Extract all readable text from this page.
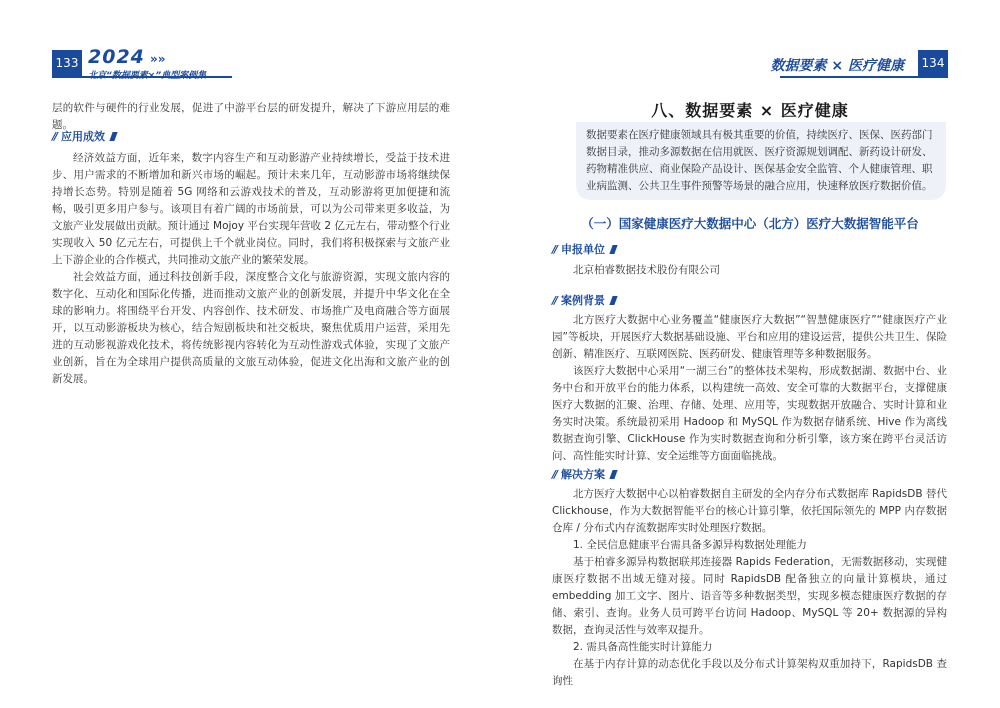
133 2024 »»
层的软件与硬件的行业发展，促进了中游平台层的研发提升，解决了下游应用层的难题。
// 应用成效

经济效益方面，近年来，数字内容生产和互动影游产业持续增长，受益于技术进步、用户需求的不断增加和新兴市场的崛起。预计未来几年，互动影游市场将继续保持增长态势。特别是随着 5G 网络和云游戏技术的普及，互动影游将更加便捷和流畅，吸引更多用户参与。该项目有着广阔的市场前景，可以为公司带来更多收益，为文旅产业发展做出贡献。预计通过 Mojoy 平台实现年营收 2 亿元左右，带动整个行业实现收入 50 亿元左右，可提供上千个就业岗位。同时，我们将积极探索与文旅产业上下游企业的合作模式，共同推动文旅产业的繁荣发展。

社会效益方面，通过科技创新手段，深度整合文化与旅游资源，实现文旅内容的数字化、互动化和国际化传播，进而推动文旅产业的创新发展，并提升中华文化在全球的影响力。将围绕平台开发、内容创作、技术研发、市场推广及电商融合等方面展开，以互动影游板块为核心，结合短剧板块和社交板块，聚焦优质用户运营，采用先进的互动影视游戏化技术，将传统影视内容转化为互动性游戏式体验，实现了文旅产业创新，旨在为全球用户提供高质量的文旅互动体验，促进文化出海和文旅产业的创新发展。

数据要素 × 医疗健康 134
八、数据要素 × 医疗健康
数据要素在医疗健康领域具有极其重要的价值，持续医疗、医保、医药部门数据目录，推动多源数据在信用就医、医疗资源规划调配、新药设计研发、药物精准供应、商业保险产品设计、医保基金安全监管、个人健康管理、职业病监测、公共卫生事件预警等场景的融合应用，快速释放医疗数据价值。
（一）国家健康医疗大数据中心（北方）医疗大数据智能平台
// 申报单位
北京柏睿数据技术股份有限公司
// 案例背景

北方医疗大数据中心业务覆盖“健康医疗大数据”“智慧健康医疗”“健康医疗产业园”等板块，开展医疗大数据基础设施、平台和应用的建设运营，提供公共卫生、保险创新、精准医疗、互联网医院、医药研发、健康管理等多种数据服务。

该医疗大数据中心采用“一湖三台”的整体技术架构，形成数据湖、数据中台、业务中台和开放平台的能力体系，以构建统一高效、安全可靠的大数据平台，支撑健康医疗大数据的汇聚、治理、存储、处理、应用等，实现数据开放融合、实时计算和业务实时决策。系统最初采用 Hadoop 和 MySQL 作为数据存储系统、Hive 作为离线数据查询引擎、ClickHouse 作为实时数据查询和分析引擎，该方案在跨平台灵活访问、高性能实时计算、安全运维等方面面临挑战。

// 解决方案

北方医疗大数据中心以柏睿数据自主研发的全内存分布式数据库 RapidsDB 替代 Clickhouse，作为大数据智能平台的核心计算引擎，依托国际领先的 MPP 内存数据仓库 / 分布式内存流数据库实时处理医疗数据。

1. 全民信息健康平台需具备多源异构数据处理能力

基于柏睿多源异构数据联邦连接器 Rapids Federation，无需数据移动，实现健康医疗数据不出域无缝对接。同时 RapidsDB 配备独立的向量计算模块，通过 embedding 加工文字、图片、语音等多种数据类型，实现多模态健康医疗数据的存储、索引、查询。业务人员可跨平台访问 Hadoop、MySQL 等 20+ 数据源的异构数据，查询灵活性与效率双提升。

2. 需具备高性能实时计算能力

在基于内存计算的动态优化手段以及分布式计算架构双重加持下，RapidsDB 查询性
